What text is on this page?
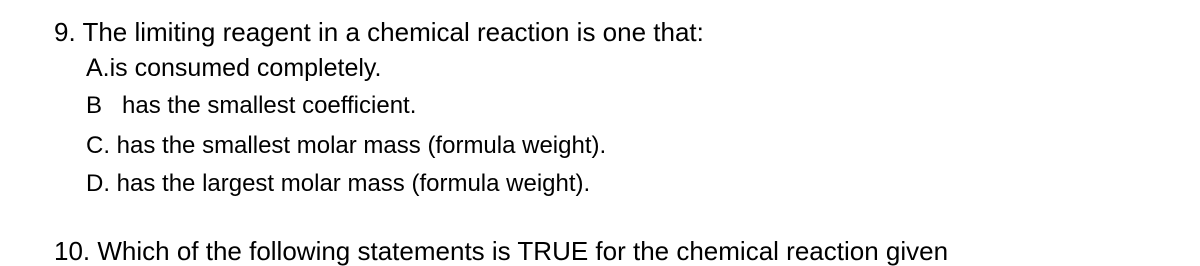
9. The limiting reagent in a chemical reaction is one that:
A.is consumed completely.
B has the smallest coefficient.
C. has the smallest molar mass (formula weight).
D. has the largest molar mass (formula weight).
10. Which of the following statements is TRUE for the chemical reaction given
